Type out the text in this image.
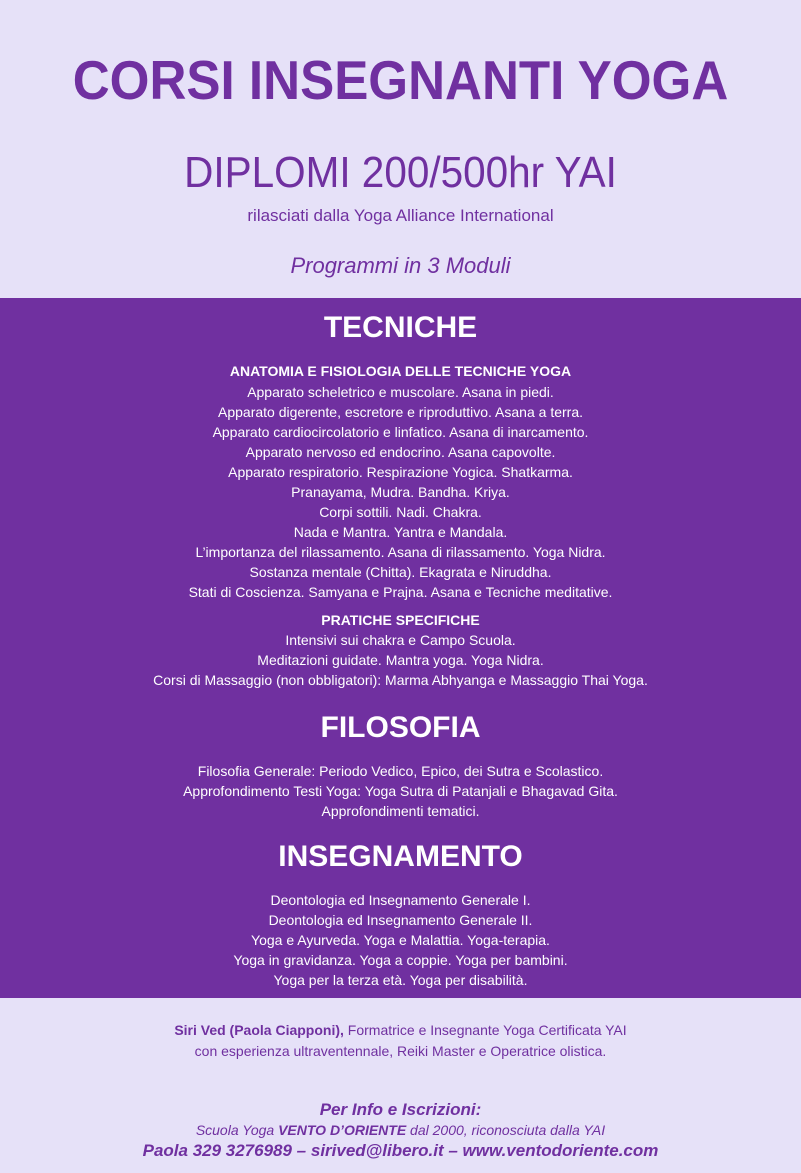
CORSI INSEGNANTI YOGA
DIPLOMI 200/500hr YAI
rilasciati dalla Yoga Alliance International
Programmi in 3 Moduli
TECNICHE
ANATOMIA E FISIOLOGIA DELLE TECNICHE YOGA
Apparato scheletrico e muscolare. Asana in piedi.
Apparato digerente, escretore e riproduttivo. Asana a terra.
Apparato cardiocircolatorio e linfatico. Asana di inarcamento.
Apparato nervoso ed endocrino. Asana capovolte.
Apparato respiratorio. Respirazione Yogica. Shatkarma.
Pranayama, Mudra. Bandha. Kriya.
Corpi sottili. Nadi. Chakra.
Nada e Mantra. Yantra e Mandala.
L’importanza del rilassamento. Asana di rilassamento. Yoga Nidra.
Sostanza mentale (Chitta). Ekagrata e Niruddha.
Stati di Coscienza. Samyana e Prajna. Asana e Tecniche meditative.
PRATICHE SPECIFICHE
Intensivi sui chakra e Campo Scuola.
Meditazioni guidate. Mantra yoga. Yoga Nidra.
Corsi di Massaggio (non obbligatori): Marma Abhyanga e Massaggio Thai Yoga.
FILOSOFIA
Filosofia Generale: Periodo Vedico, Epico, dei Sutra e Scolastico.
Approfondimento Testi Yoga: Yoga Sutra di Patanjali e Bhagavad Gita.
Approfondimenti tematici.
INSEGNAMENTO
Deontologia ed Insegnamento Generale I.
Deontologia ed Insegnamento Generale II.
Yoga e Ayurveda. Yoga e Malattia. Yoga-terapia.
Yoga in gravidanza. Yoga a coppie. Yoga per bambini.
Yoga per la terza età. Yoga per disabilità.
Siri Ved (Paola Ciapponi), Formatrice e Insegnante Yoga Certificata YAI
con esperienza ultraventennale, Reiki Master e Operatrice olistica.
Per Info e Iscrizioni:
Scuola Yoga VENTO D’ORIENTE dal 2000, riconosciuta dalla YAI
Paola 329 3276989 – sirived@libero.it – www.ventodoriente.com
